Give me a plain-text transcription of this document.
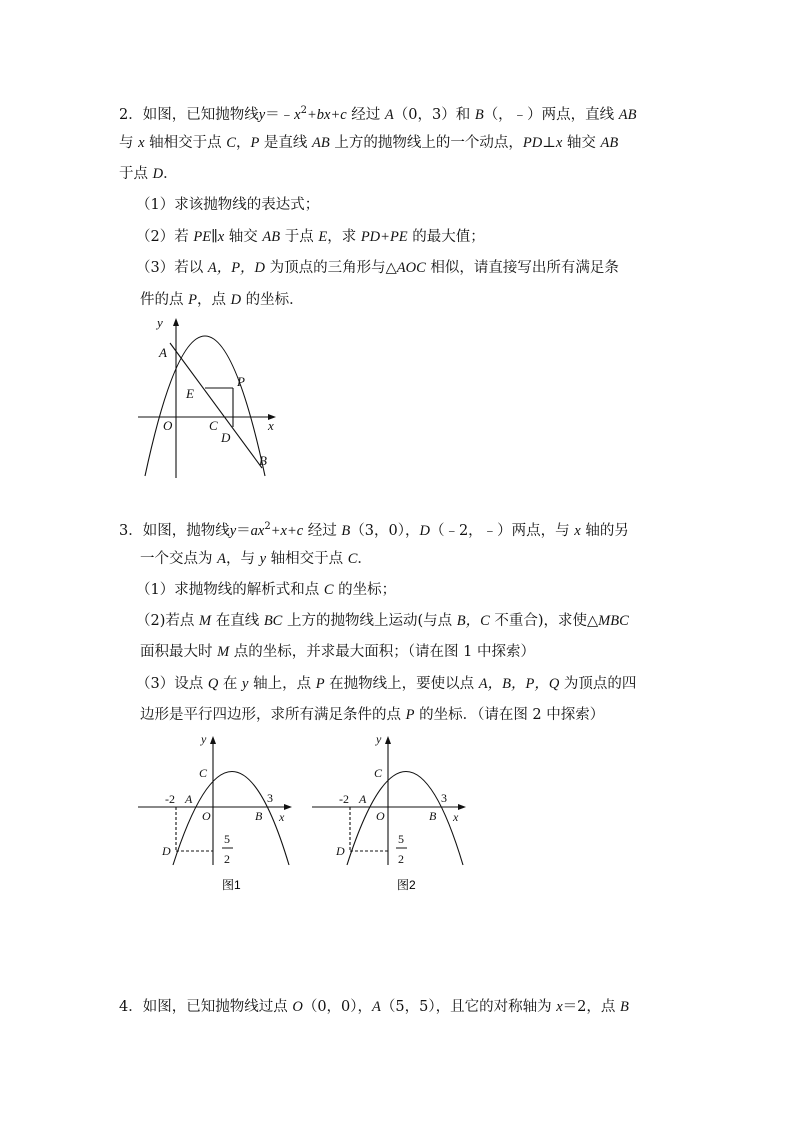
2．如图，已知抛物线$y=﹣x^2+bx+c$ 经过 A（0，3）和 B（，﹣）两点，直线 AB
与 x 轴相交于点 C，P 是直线 AB 上方的抛物线上的一个动点，PD⊥x 轴交 AB
于点 D．
（1）求该抛物线的表达式；
（2）若 PE∥x 轴交 AB 于点 E，求 PD+PE 的最大值；
（3）若以 A，P，D 为顶点的三角形与△AOC 相似，请直接写出所有满足条
件的点 P，点 D 的坐标．
y
A
P
E
O	C
D
x
B
3．如图，抛物线$y=ax^2+x+c$ 经过 B（3，0），D（﹣2，﹣）两点，与 x 轴的另
一个交点为 A，与 y 轴相交于点 C．
（1）求抛物线的解析式和点 C 的坐标；
（2)若点 M 在直线 BC 上方的抛物线上运动(与点 B，C 不重合)，求使△MBC
面积最大时 M 点的坐标，并求最大面积；（请在图 1 中探索）
（3）设点 Q 在 y 轴上，点 P 在抛物线上，要使以点 A，B，P，Q 为顶点的四
边形是平行四边形，求所有满足条件的点 P 的坐标．（请在图 2 中探索）
y
C
-2 A	3
O	B x
D
5
2
图1
y
C
-2 A	3
O	B x
D
5
2
图2
4．如图，已知抛物线过点 O（0，0），A（5，5），且它的对称轴为 x＝2，点 B
